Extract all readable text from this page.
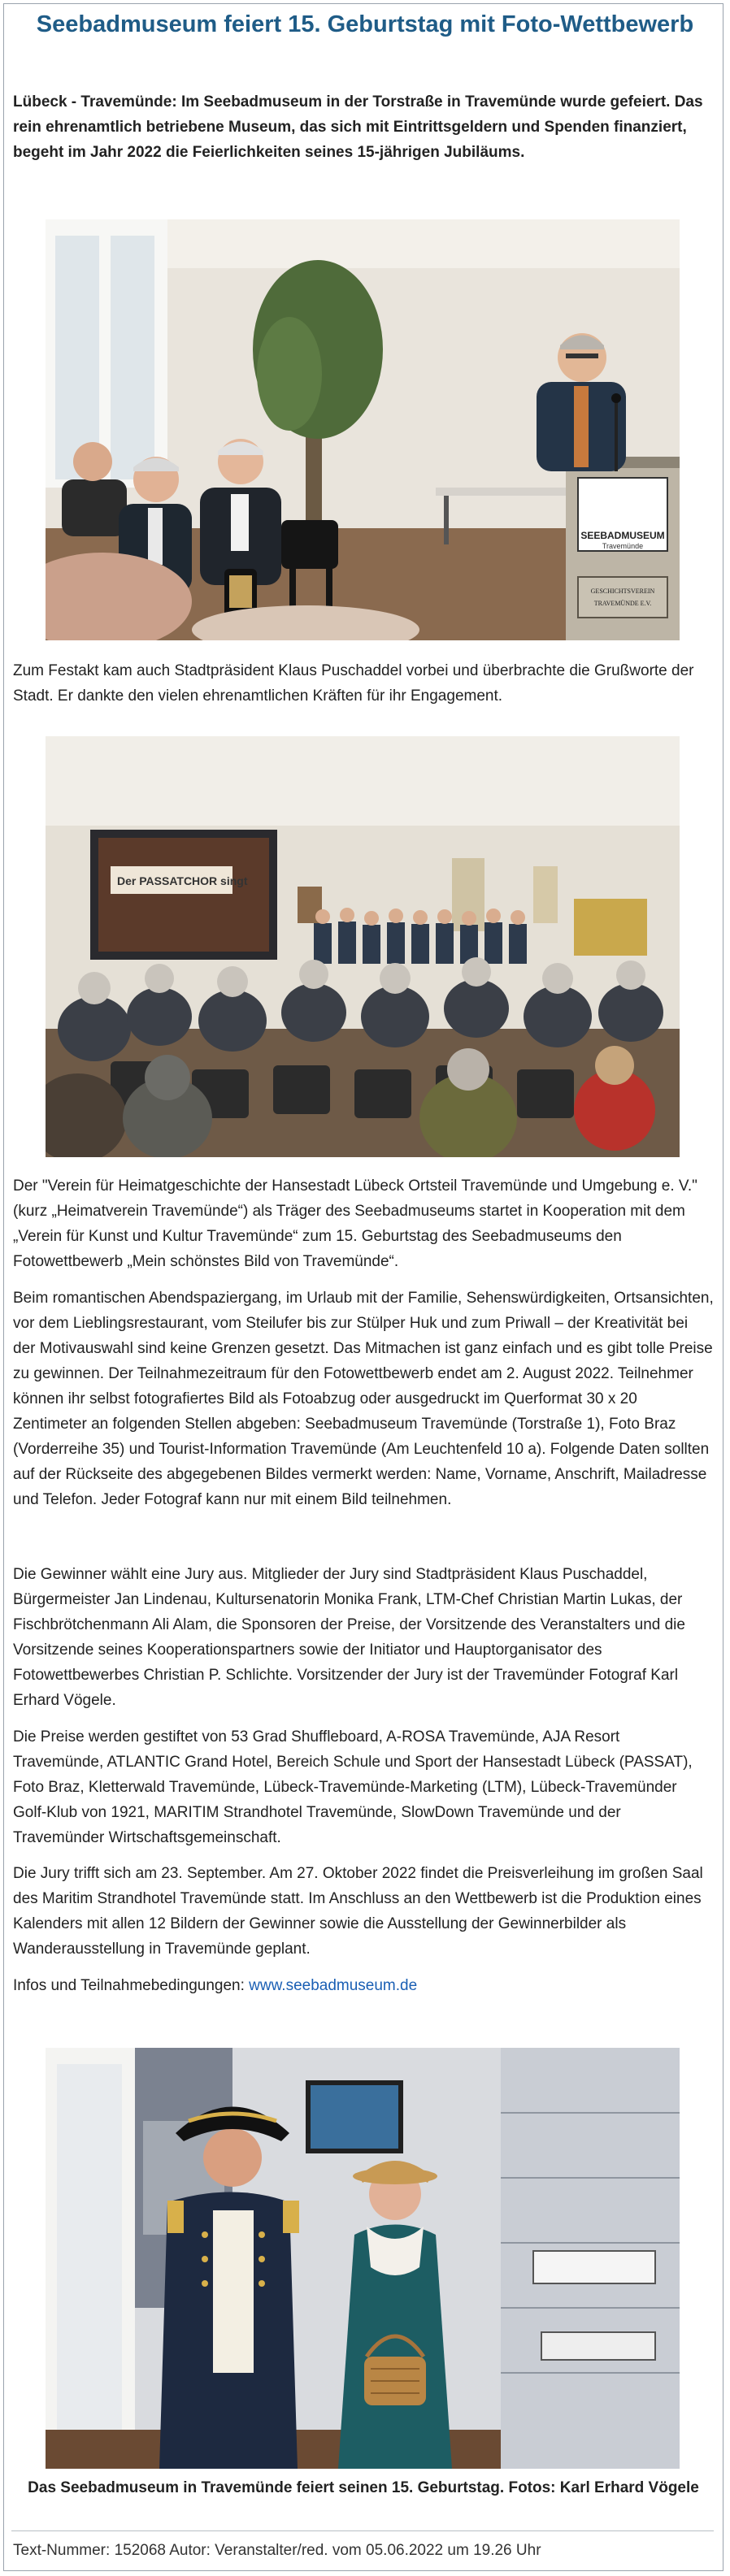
Seebadmuseum feiert 15. Geburtstag mit Foto-Wettbewerb

Lübeck - Travemünde: Im Seebadmuseum in der Torstraße in Travemünde wurde gefeiert. Das rein ehrenamtlich betriebene Museum, das sich mit Eintrittsgeldern und Spenden finanziert, begeht im Jahr 2022 die Feierlichkeiten seines 15-jährigen Jubiläums.

SEEBADMUSEUM
Travemünde
GESCHICHTSVEREIN
TRAVEMÜNDE E.V.

Zum Festakt kam auch Stadtpräsident Klaus Puschaddel vorbei und überbrachte die Grußworte der Stadt. Er dankte den vielen ehrenamtlichen Kräften für ihr Engagement.

Der PASSATCHOR singt

Der "Verein für Heimatgeschichte der Hansestadt Lübeck Ortsteil Travemünde und Umgebung e. V." (kurz „Heimatverein Travemünde“) als Träger des Seebadmuseums startet in Kooperation mit dem „Verein für Kunst und Kultur Travemünde“ zum 15. Geburtstag des Seebadmuseums den Fotowettbewerb „Mein schönstes Bild von Travemünde“.

Beim romantischen Abendspaziergang, im Urlaub mit der Familie, Sehenswürdigkeiten, Ortsansichten, vor dem Lieblingsrestaurant, vom Steilufer bis zur Stülper Huk und zum Priwall – der Kreativität bei der Motivauswahl sind keine Grenzen gesetzt. Das Mitmachen ist ganz einfach und es gibt tolle Preise zu gewinnen. Der Teilnahmezeitraum für den Fotowettbewerb endet am 2. August 2022. Teilnehmer können ihr selbst fotografiertes Bild als Fotoabzug oder ausgedruckt im Querformat 30 x 20 Zentimeter an folgenden Stellen abgeben: Seebadmuseum Travemünde (Torstraße 1), Foto Braz (Vorderreihe 35) und Tourist-Information Travemünde (Am Leuchtenfeld 10 a). Folgende Daten sollten auf der Rückseite des abgegebenen Bildes vermerkt werden: Name, Vorname, Anschrift, Mailadresse und Telefon. Jeder Fotograf kann nur mit einem Bild teilnehmen.

Die Gewinner wählt eine Jury aus. Mitglieder der Jury sind Stadtpräsident Klaus Puschaddel, Bürgermeister Jan Lindenau, Kultursenatorin Monika Frank, LTM-Chef Christian Martin Lukas, der Fischbrötchenmann Ali Alam, die Sponsoren der Preise, der Vorsitzende des Veranstalters und die Vorsitzende seines Kooperationspartners sowie der Initiator und Hauptorganisator des Fotowettbewerbes Christian P. Schlichte. Vorsitzender der Jury ist der Travemünder Fotograf Karl Erhard Vögele.

Die Preise werden gestiftet von 53 Grad Shuffleboard, A-ROSA Travemünde, AJA Resort Travemünde, ATLANTIC Grand Hotel, Bereich Schule und Sport der Hansestadt Lübeck (PASSAT), Foto Braz, Kletterwald Travemünde, Lübeck-Travemünde-Marketing (LTM), Lübeck-Travemünder Golf-Klub von 1921, MARITIM Strandhotel Travemünde, SlowDown Travemünde und der Travemünder Wirtschaftsgemeinschaft.

Die Jury trifft sich am 23. September. Am 27. Oktober 2022 findet die Preisverleihung im großen Saal des Maritim Strandhotel Travemünde statt. Im Anschluss an den Wettbewerb ist die Produktion eines Kalenders mit allen 12 Bildern der Gewinner sowie die Ausstellung der Gewinnerbilder als Wanderausstellung in Travemünde geplant.

Infos und Teilnahmebedingungen: www.seebadmuseum.de

Das Seebadmuseum in Travemünde feiert seinen 15. Geburtstag. Fotos: Karl Erhard Vögele

Text-Nummer: 152068 Autor: Veranstalter/red. vom 05.06.2022 um 19.26 Uhr
